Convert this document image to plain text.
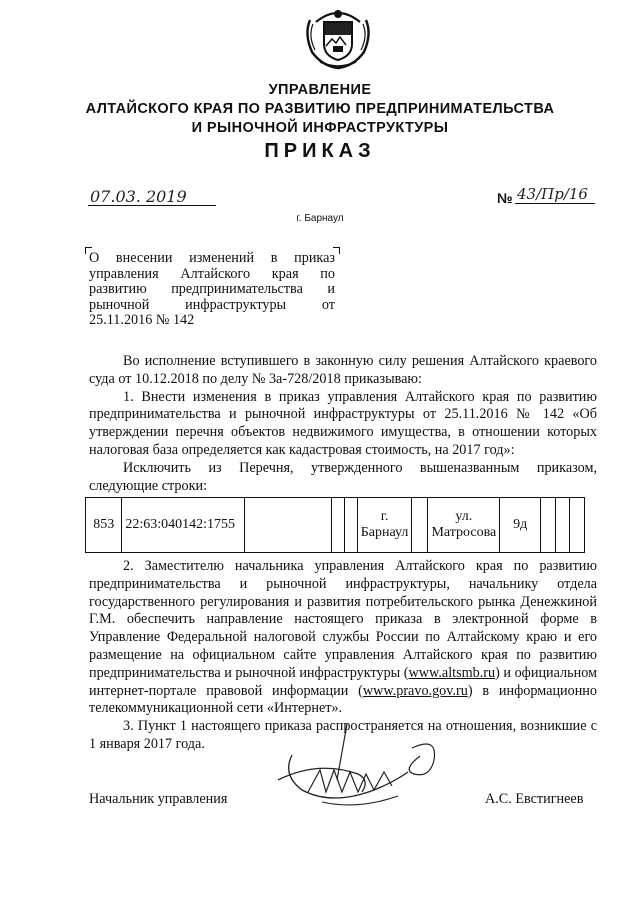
УПРАВЛЕНИЕ
АЛТАЙСКОГО КРАЯ ПО РАЗВИТИЮ ПРЕДПРИНИМАТЕЛЬСТВА
И РЫНОЧНОЙ ИНФРАСТРУКТУРЫ
ПРИКАЗ
07.03. 2019	№ 43/Пр/16
г. Барнаул
О внесении изменений в приказ управления Алтайского края по развитию предпринимательства и рыночной инфраструктуры от 25.11.2016 № 142

Во исполнение вступившего в законную силу решения Алтайского краевого суда от 10.12.2018 по делу № 3а-728/2018 приказываю:

1. Внести изменения в приказ управления Алтайского края по развитию предпринимательства и рыночной инфраструктуры от 25.11.2016 № 142 «Об утверждении перечня объектов недвижимого имущества, в отношении которых налоговая база определяется как кадастровая стоимость, на 2017 год»:

Исключить из Перечня, утвержденного вышеназванным приказом, следующие строки:

853	22:63:040142:1755				г. Барнаул		ул. Матросова	9д			

2. Заместителю начальника управления Алтайского края по развитию предпринимательства и рыночной инфраструктуры, начальнику отдела государственного регулирования и развития потребительского рынка Денежкиной Г.М. обеспечить направление настоящего приказа в электронной форме в Управление Федеральной налоговой службы России по Алтайскому краю и его размещение на официальном сайте управления Алтайского края по развитию предпринимательства и рыночной инфраструктуры (www.altsmb.ru) и официальном интернет-портале правовой информации (www.pravo.gov.ru) в информационно телекоммуникационной сети «Интернет».

3. Пункт 1 настоящего приказа распространяется на отношения, возникшие с 1 января 2017 года.

Начальник управления	А.С. Евстигнеев
